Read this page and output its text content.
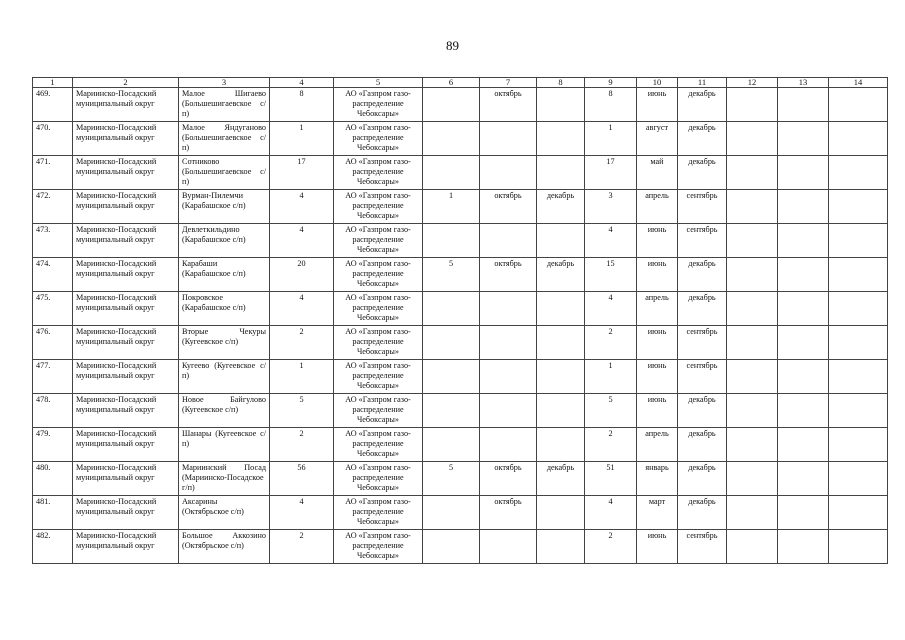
89
1	2	3	4	5	6	7	8	9	10	11	12	13	14
469.	Мариинско-Посадский муниципальный округ	Малое Шигаево (Большешигаевское с/п)	8	АО «Газпром газо-распределение Чебоксары»		октябрь		8	июнь	декабрь			
470.	Мариинско-Посадский муниципальный округ	Малое Яндуганово (Большешигаевское с/п)	1	АО «Газпром газо-распределение Чебоксары»				1	август	декабрь			
471.	Мариинско-Посадский муниципальный округ	Сотниково (Большешигаевское с/п)	17	АО «Газпром газо-распределение Чебоксары»				17	май	декабрь			
472.	Мариинско-Посадский муниципальный округ	Вурман-Пилемчи (Карабашское с/п)	4	АО «Газпром газо-распределение Чебоксары»	1	октябрь	декабрь	3	апрель	сентябрь			
473.	Мариинско-Посадский муниципальный округ	Девлеткильдино (Карабашское с/п)	4	АО «Газпром газо-распределение Чебоксары»				4	июнь	сентябрь			
474.	Мариинско-Посадский муниципальный округ	Карабаши (Карабашское с/п)	20	АО «Газпром газо-распределение Чебоксары»	5	октябрь	декабрь	15	июнь	декабрь			
475.	Мариинско-Посадский муниципальный округ	Покровское (Карабашское с/п)	4	АО «Газпром газо-распределение Чебоксары»				4	апрель	декабрь			
476.	Мариинско-Посадский муниципальный округ	Вторые Чекуры (Кугеевское с/п)	2	АО «Газпром газо-распределение Чебоксары»				2	июнь	сентябрь			
477.	Мариинско-Посадский муниципальный округ	Кугеево (Кугеевское с/п)	1	АО «Газпром газо-распределение Чебоксары»				1	июнь	сентябрь			
478.	Мариинско-Посадский муниципальный округ	Новое Байгулово (Кугеевское с/п)	5	АО «Газпром газо-распределение Чебоксары»				5	июнь	декабрь			
479.	Мариинско-Посадский муниципальный округ	Шанары (Кугеевское с/п)	2	АО «Газпром газо-распределение Чебоксары»				2	апрель	декабрь			
480.	Мариинско-Посадский муниципальный округ	Мариинский Посад (Мариинско-Посадское г/п)	56	АО «Газпром газо-распределение Чебоксары»	5	октябрь	декабрь	51	январь	декабрь			
481.	Мариинско-Посадский муниципальный округ	Аксарины (Октябрьское с/п)	4	АО «Газпром газо-распределение Чебоксары»		октябрь		4	март	декабрь			
482.	Мариинско-Посадский муниципальный округ	Большое Аккозино (Октябрьское с/п)	2	АО «Газпром газо-распределение Чебоксары»				2	июнь	сентябрь			
